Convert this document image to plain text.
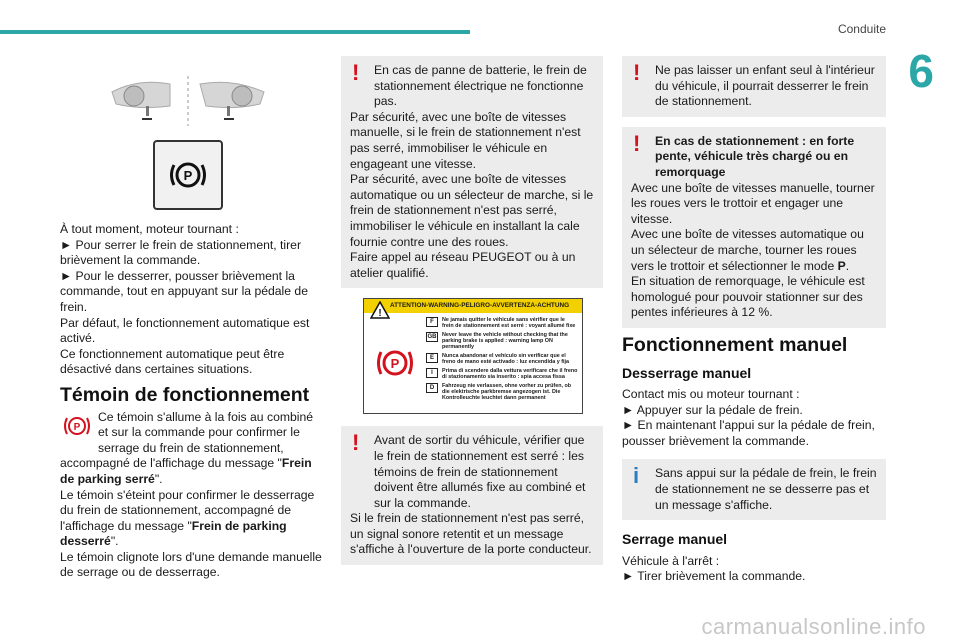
Conduite
6
P

À tout moment, moteur tournant :

► Pour serrer le frein de stationnement, tirer brièvement la commande.

► Pour le desserrer, pousser brièvement la commande, tout en appuyant sur la pédale de frein.

Par défaut, le fonctionnement automatique est activé.

Ce fonctionnement automatique peut être désactivé dans certaines situations.

Témoin de fonctionnement
P

Ce témoin s'allume à la fois au combiné et sur la commande pour confirmer le serrage du frein de stationnement, accompagné de l'affichage du message "Frein de parking serré".

Le témoin s'éteint pour confirmer le desserrage du frein de stationnement, accompagné de l'affichage du message "Frein de parking desserré".

Le témoin clignote lors d'une demande manuelle de serrage ou de desserrage.

! En cas de panne de batterie, le frein de stationnement électrique ne fonctionne pas.

Par sécurité, avec une boîte de vitesses manuelle, si le frein de stationnement n'est pas serré, immobiliser le véhicule en engageant une vitesse.

Par sécurité, avec une boîte de vitesses automatique ou un sélecteur de marche, si le frein de stationnement n'est pas serré, immobiliser le véhicule en installant la cale fournie contre une des roues.

Faire appel au réseau PEUGEOT ou à un atelier qualifié.

ATTENTION-WARNING-PELIGRO-AVVERTENZA-ACHTUNG
!
P
F	Ne jamais quitter le véhicule sans vérifier que le frein de stationnement est serré : voyant allumé fixe
GB Never leave the vehicle without checking that the parking brake is applied : warning lamp ON permanently
E	Nunca abandonar el vehículo sin verificar que el freno de mano esté activado : luz encendida y fija
I	Prima di scendere dalla vettura verificare che il freno di stazionamento sia inserito : spia accesa fissa
D	Fahrzeug nie verlassen, ohne vorher zu prüfen, ob die elektrische parkbremse angezogen ist. Die Kontrolleuchte leuchtet dann permanent

! Avant de sortir du véhicule, vérifier que le frein de stationnement est serré : les témoins de frein de stationnement doivent être allumés fixe au combiné et sur la commande.

Si le frein de stationnement n'est pas serré, un signal sonore retentit et un message s'affiche à l'ouverture de la porte conducteur.

! Ne pas laisser un enfant seul à l'intérieur du véhicule, il pourrait desserrer le frein de stationnement.

! En cas de stationnement : en forte pente, véhicule très chargé ou en remorquage

Avec une boîte de vitesses manuelle, tourner les roues vers le trottoir et engager une vitesse.

Avec une boîte de vitesses automatique ou un sélecteur de marche, tourner les roues vers le trottoir et sélectionner le mode P.

En situation de remorquage, le véhicule est homologué pour pouvoir stationner sur des pentes inférieures à 12 %.

Fonctionnement manuel
Desserrage manuel

Contact mis ou moteur tournant :

► Appuyer sur la pédale de frein.

► En maintenant l'appui sur la pédale de frein, pousser brièvement la commande.

i Sans appui sur la pédale de frein, le frein de stationnement ne se desserre pas et un message s'affiche.

Serrage manuel

Véhicule à l'arrêt :

► Tirer brièvement la commande.

carmanualsonline.info
